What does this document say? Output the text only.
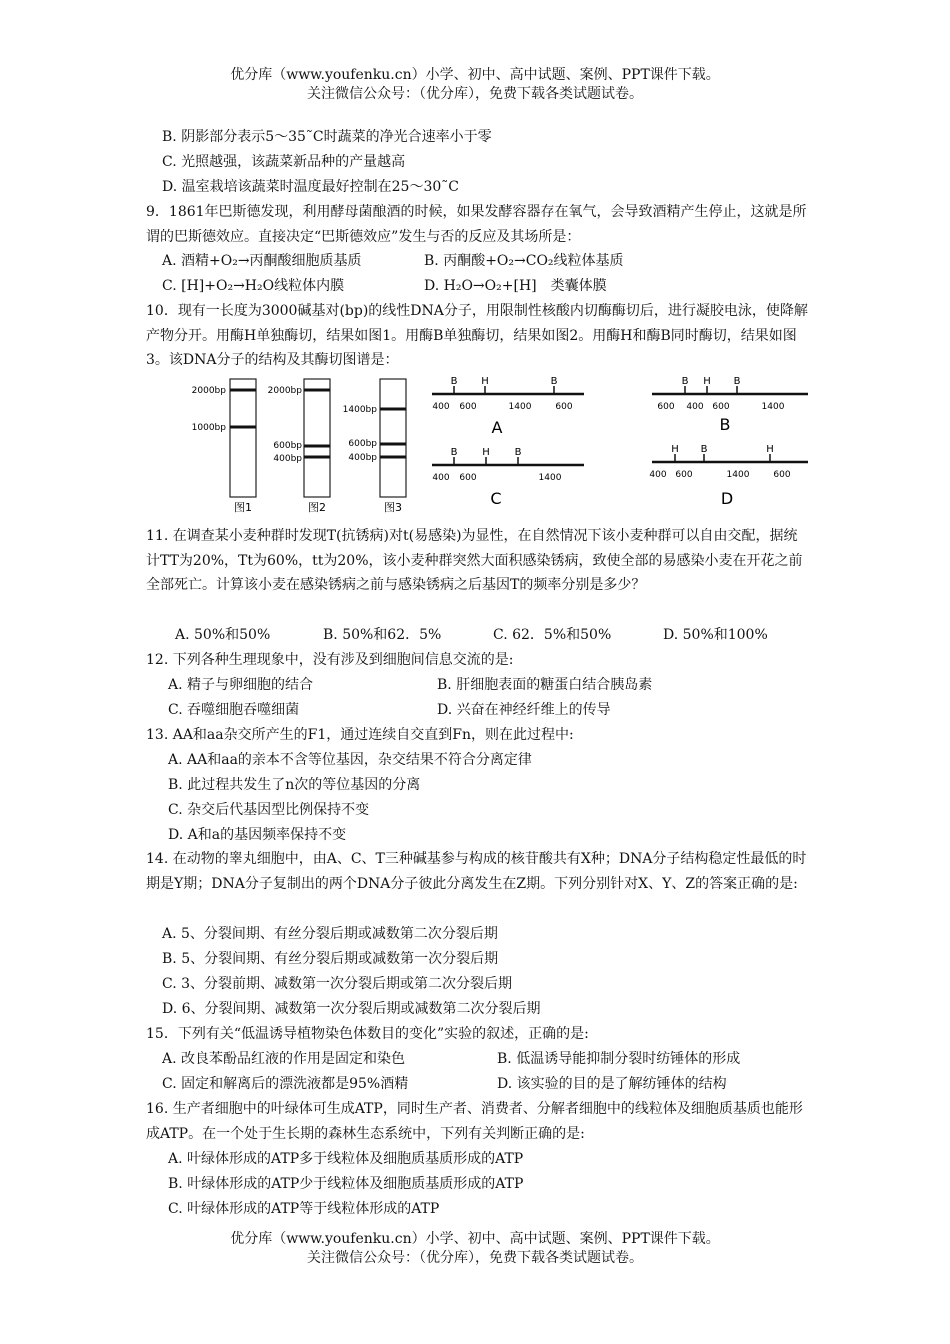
优分库（www.youfenku.cn）小学、初中、高中试题、案例、PPT课件下载。
关注微信公众号：（优分库），免费下载各类试题试卷。
B. 阴影部分表示5～35˜C时蔬菜的净光合速率小于零
C. 光照越强，该蔬菜新品种的产量越高
D. 温室栽培该蔬菜时温度最好控制在25～30˜C
9．1861年巴斯德发现，利用酵母菌酿酒的时候，如果发酵容器存在氧气，会导致酒精产生停止，这就是所谓的巴斯德效应。直接决定“巴斯德效应”发生与否的反应及其场所是：
A. 酒精+O₂→丙酮酸细胞质基质	B. 丙酮酸+O₂→CO₂线粒体基质
C. [H]+O₂→H₂O线粒体内膜	D. H₂O→O₂+[H]　类囊体膜
10．现有一长度为3000碱基对(bp)的线性DNA分子，用限制性核酸内切酶酶切后，进行凝胶电泳，使降解产物分开。用酶H单独酶切，结果如图1。用酶B单独酶切，结果如图2。用酶H和酶B同时酶切，结果如图3。该DNA分子的结构及其酶切图谱是：
2000bp
1000bp
图1
2000bp
600bp
400bp
图2
1400bp
600bp
400bp
图3
B H	B
400 600	1400	600
A
B H B
600 400 600	1400
B
B H B
400 600	1400
C
H B	H
400 600	1400	600
D
11. 在调查某小麦种群时发现T(抗锈病)对t(易感染)为显性，在自然情况下该小麦种群可以自由交配，据统计TT为20%，Tt为60%，tt为20%，该小麦种群突然大面积感染锈病，致使全部的易感染小麦在开花之前全部死亡。计算该小麦在感染锈病之前与感染锈病之后基因T的频率分别是多少？
A. 50%和50%	B. 50%和62．5%	C. 62．5%和50%	D. 50%和100%
12. 下列各种生理现象中，没有涉及到细胞间信息交流的是:
A. 精子与卵细胞的结合	B. 肝细胞表面的糖蛋白结合胰岛素
C. 吞噬细胞吞噬细菌	D. 兴奋在神经纤维上的传导
13. AA和aa杂交所产生的F1，通过连续自交直到Fn，则在此过程中:
A. AA和aa的亲本不含等位基因，杂交结果不符合分离定律
B. 此过程共发生了n次的等位基因的分离
C. 杂交后代基因型比例保持不变
D. A和a的基因频率保持不变
14. 在动物的睾丸细胞中，由A、C、T三种碱基参与构成的核苷酸共有X种；DNA分子结构稳定性最低的时期是Y期；DNA分子复制出的两个DNA分子彼此分离发生在Z期。下列分别针对X、Y、Z的答案正确的是:
A. 5、分裂间期、有丝分裂后期或减数第二次分裂后期
B. 5、分裂间期、有丝分裂后期或减数第一次分裂后期
C. 3、分裂前期、减数第一次分裂后期或第二次分裂后期
D. 6、分裂间期、减数第一次分裂后期或减数第二次分裂后期
15．下列有关“低温诱导植物染色体数目的变化”实验的叙述，正确的是:
A. 改良苯酚品红液的作用是固定和染色	B. 低温诱导能抑制分裂时纺锤体的形成
C. 固定和解离后的漂洗液都是95%酒精	D. 该实验的目的是了解纺锤体的结构
16. 生产者细胞中的叶绿体可生成ATP，同时生产者、消费者、分解者细胞中的线粒体及细胞质基质也能形成ATP。在一个处于生长期的森林生态系统中，下列有关判断正确的是:
A. 叶绿体形成的ATP多于线粒体及细胞质基质形成的ATP
B. 叶绿体形成的ATP少于线粒体及细胞质基质形成的ATP
C. 叶绿体形成的ATP等于线粒体形成的ATP
优分库（www.youfenku.cn）小学、初中、高中试题、案例、PPT课件下载。
关注微信公众号：（优分库），免费下载各类试题试卷。
